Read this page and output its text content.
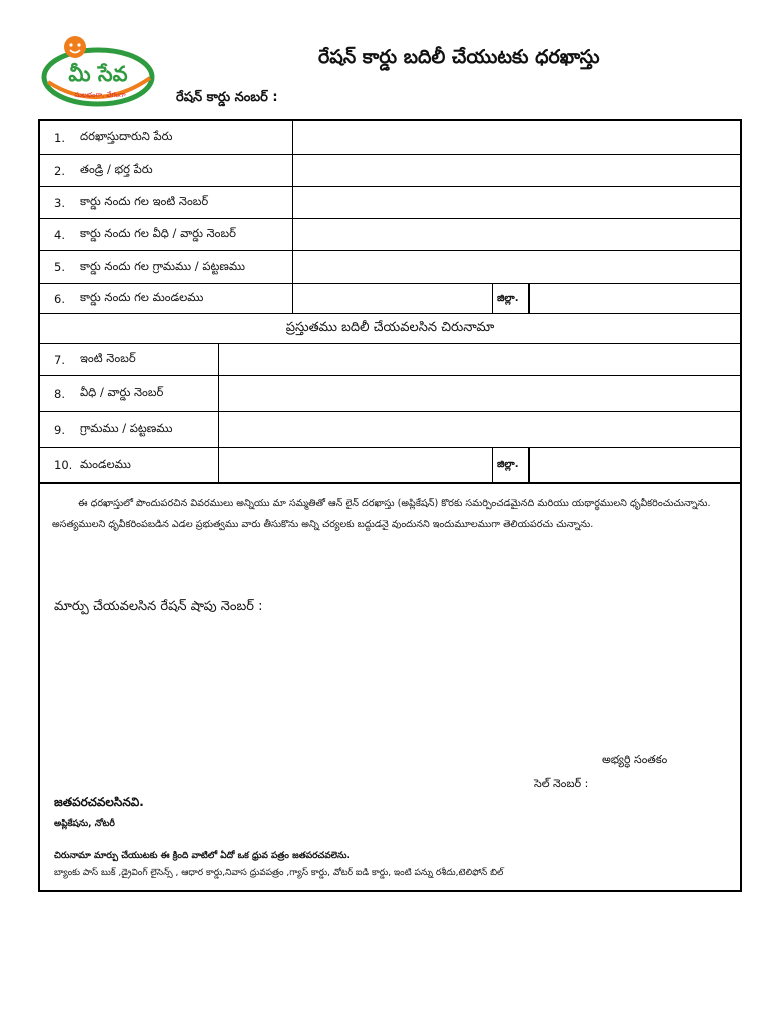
మీ సేవ
సులభంగా, వేగంగా
రేషన్ కార్డు బదిలీ చేయుటకు ధరఖాస్తు
రేషన్ కార్డు నంబర్ :
1.	దరఖాస్తుదారుని పేరు
2.	తండ్రి / భర్త పేరు
3.	కార్డు నందు గల ఇంటి నెంబర్
4.	కార్డు నందు గల వీధి / వార్డు నెంబర్
5.	కార్డు నందు గల గ్రామము / పట్టణము
6.	కార్డు నందు గల మండలము	జిల్లా.
ప్రస్తుతము బదిలీ చేయవలసిన చిరునామా
7.	ఇంటి నెంబర్
8.	వీధి / వార్డు నెంబర్
9.	గ్రామము / పట్టణము
10. మండలము	జిల్లా.
ఈ ధరఖాస్తులో పొందుపరచిన వివరములు అన్నియు మా సమ్మతితో ఆన్ లైన్ దరఖాస్తు (అప్లికేషన్) కొరకు సమర్పించడమైనది మరియు యథార్థములని ధృవీకరించుచున్నాను.
అసత్యములని ధృవీకరింపబడిన ఎడల ప్రభుత్వము వారు తీసుకొను అన్ని చర్యలకు బద్దుడనై వుందునని ఇందుమూలముగా తెలియపరచు చున్నాను.
మార్పు చేయవలసిన రేషన్ షాపు నెంబర్ :
అభ్యర్ధి సంతకం
సెల్ నెంబర్ :
జతపరచవలసినవి.
అప్లికేషను, నోటరీ
చిరునామా మార్పు చేయుటకు ఈ క్రింది వాటిలో ఏదో ఒక ధ్రువ పత్రం జతపరచవలెను.
బ్యాంకు పాస్ బుక్ ,డ్రైవింగ్ లైసెన్స్ , ఆధార కార్డు,నివాస ధ్రువపత్రం ,గ్యాస్ కార్డు, వోటర్ ఐడి కార్డు, ఇంటి పన్ను రశీదు,టెలిఫోన్ బిల్
